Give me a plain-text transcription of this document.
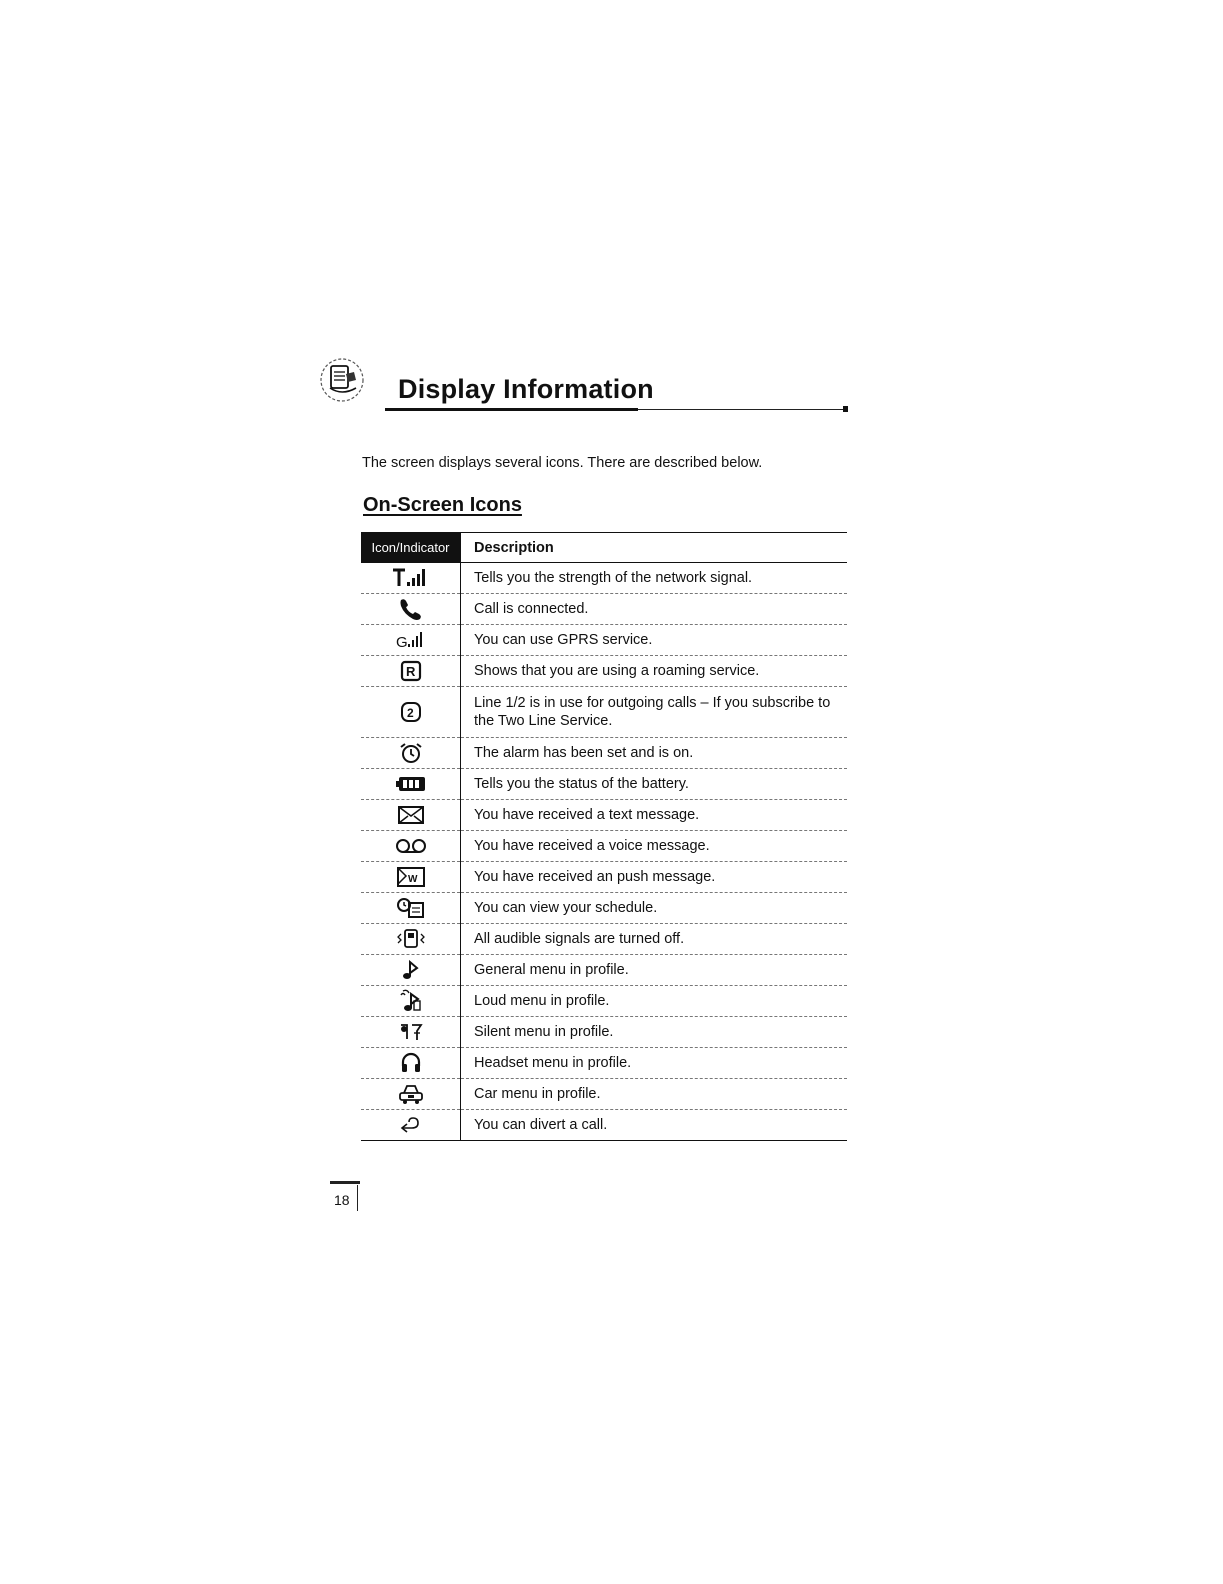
Display Information
The screen displays several icons. There are described below.
On-Screen Icons
Icon/Indicator	Description
	Tells you the strength of the network signal.
	Call is connected.

G	You can use GPRS service.

R	Shows that you are using a roaming service.

2	Line 1/2 is in use for outgoing calls – If you subscribe to the Two Line Service.
	The alarm has been set and is on.
	Tells you the status of the battery.
	You have received a text message.
	You have received a voice message.

W	You have received an push message.
	You can view your schedule.
	All audible signals are turned off.
	General menu in profile.
	Loud menu in profile.
	Silent menu in profile.
	Headset menu in profile.
	Car menu in profile.
	You can divert a call.
18
